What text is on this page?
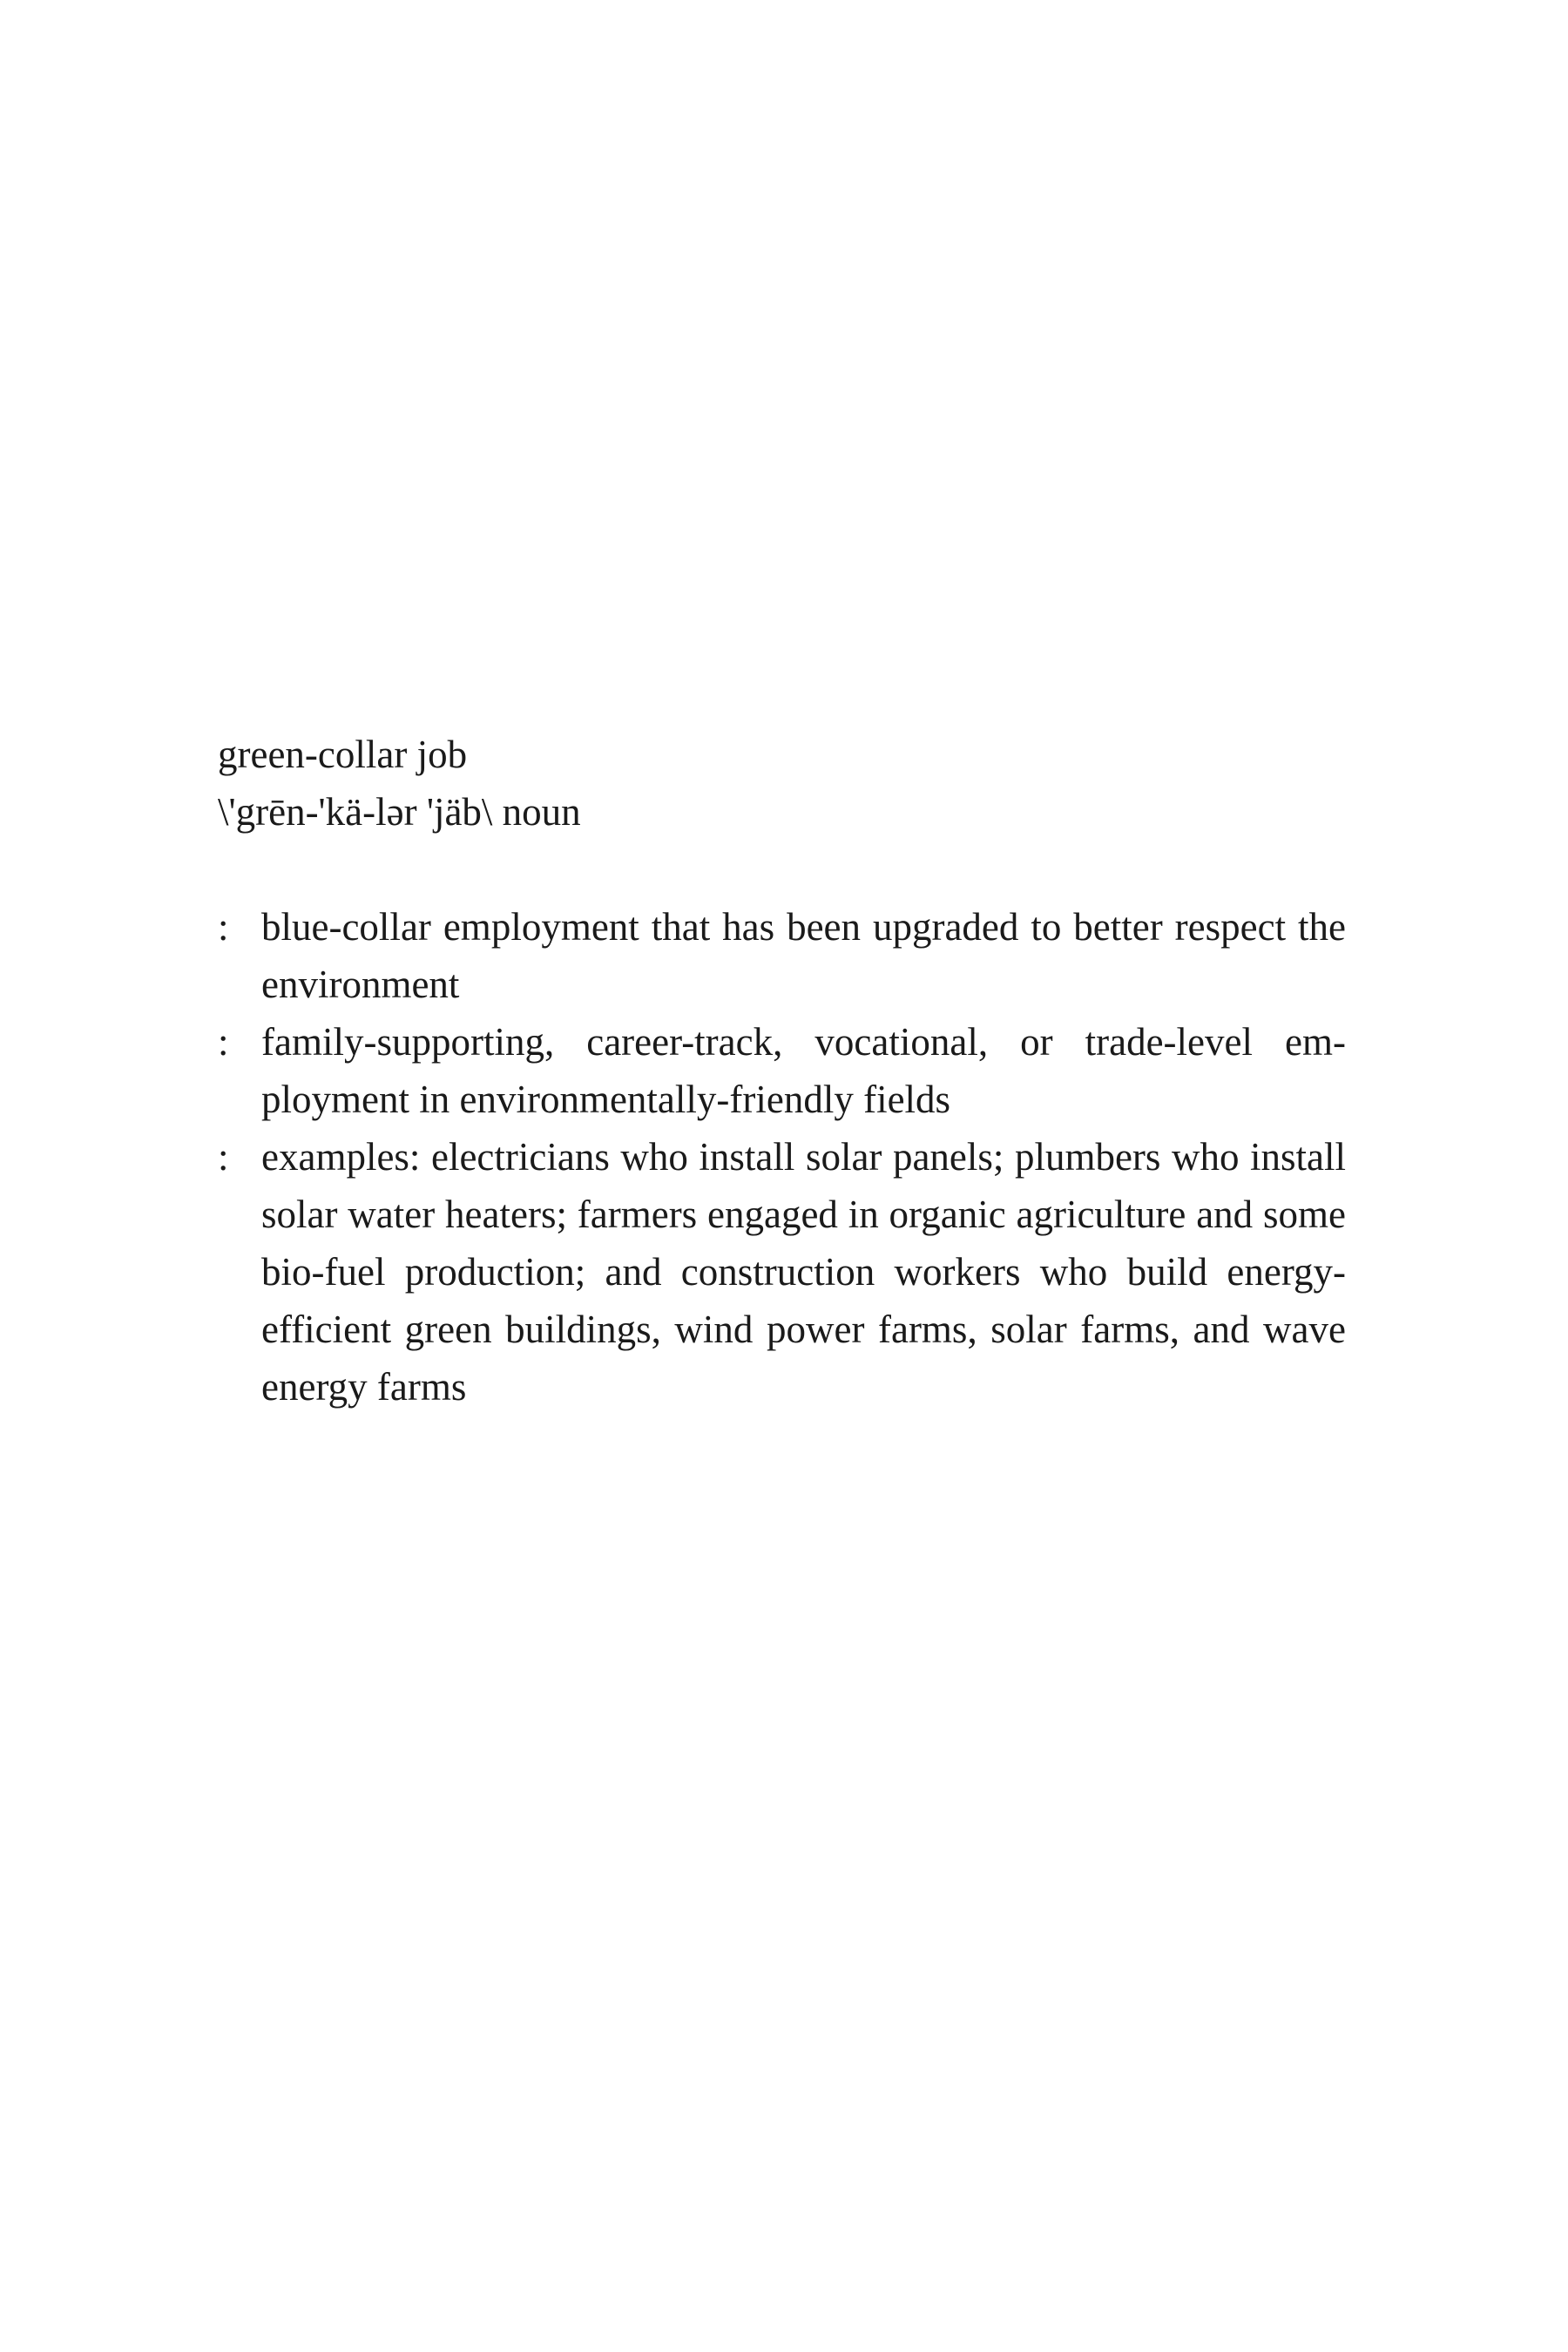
green-collar job
\'grēn-'kä-lər 'jäb\ noun
: blue-collar employment that has been upgraded to better respect the environment
: family-supporting, career-track, vocational, or trade-level employment in environmentally-friendly fields
: examples: electricians who install solar panels; plumbers who install solar water heaters; farmers engaged in organic agriculture and some bio-fuel production; and construction workers who build energy-efficient green buildings, wind power farms, solar farms, and wave energy farms
